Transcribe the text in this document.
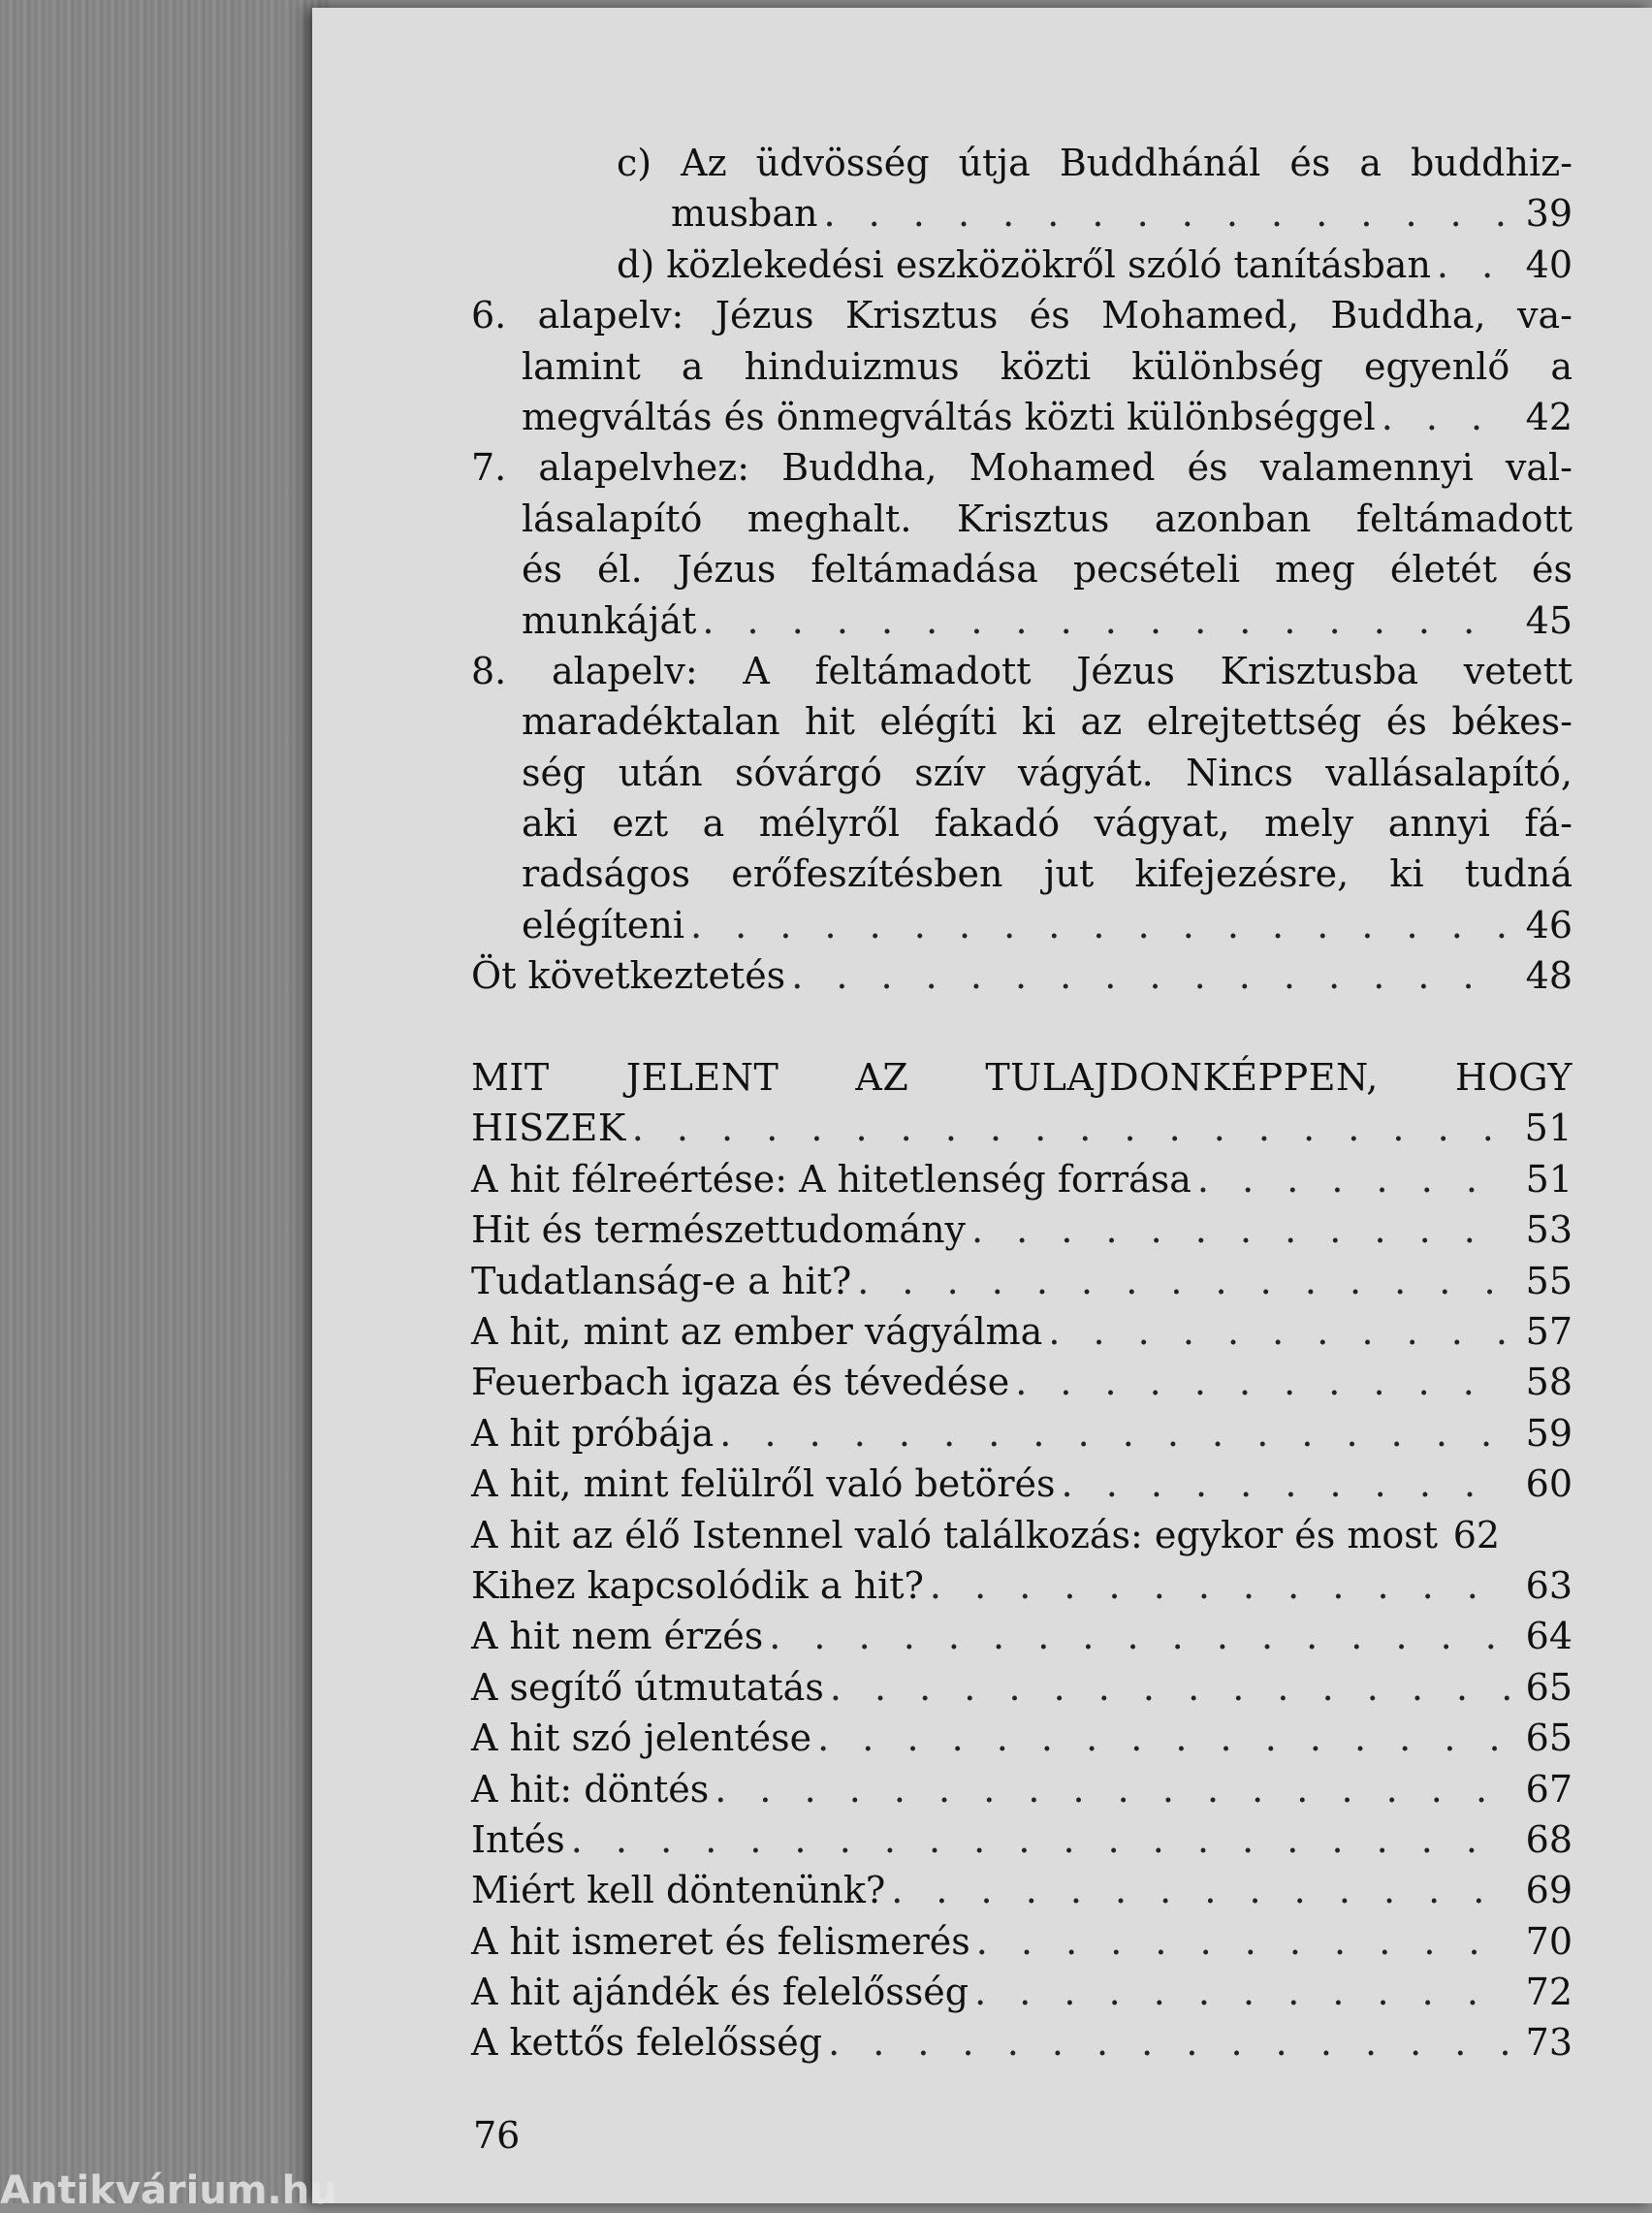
c) Az üdvösség útja Buddhánál és a buddhiz-
musban . . .	39
d) közlekedési eszközökről szóló tanításban . . .	40
6. alapelv: Jézus Krisztus és Mohamed, Buddha, va-
lamint a hinduizmus közti különbség egyenlő a
megváltás és önmegváltás közti különbséggel . . .	42
7. alapelvhez: Buddha, Mohamed és valamennyi val-
lásalapító meghalt. Krisztus azonban feltámadott
és él. Jézus feltámadása pecsételi meg életét és
munkáját . . .	45
8. alapelv: A feltámadott Jézus Krisztusba vetett
maradéktalan hit elégíti ki az elrejtettség és békes-
ség után sóvárgó szív vágyát. Nincs vallásalapító,
aki ezt a mélyről fakadó vágyat, mely annyi fá-
radságos erőfeszítésben jut kifejezésre, ki tudná
elégíteni . . .	46
Öt következtetés . . .	48
MIT JELENT AZ TULAJDONKÉPPEN, HOGY
HISZEK . . .	51
A hit félreértése: A hitetlenség forrása . . .	51
Hit és természettudomány . . .	53
Tudatlanság-e a hit? . . .	55
A hit, mint az ember vágyálma . . .	57
Feuerbach igaza és tévedése . . .	58
A hit próbája . . .	59
A hit, mint felülről való betörés . . .	60
A hit az élő Istennel való találkozás: egykor és most 62
Kihez kapcsolódik a hit? . . .	63
A hit nem érzés . . .	64
A segítő útmutatás . . .	65
A hit szó jelentése . . .	65
A hit: döntés . . .	67
Intés . . .	68
Miért kell döntenünk? . . .	69
A hit ismeret és felismerés . . .	70
A hit ajándék és felelősség . . .	72
A kettős felelősség . . .	73
76
Antikvárium.hu
